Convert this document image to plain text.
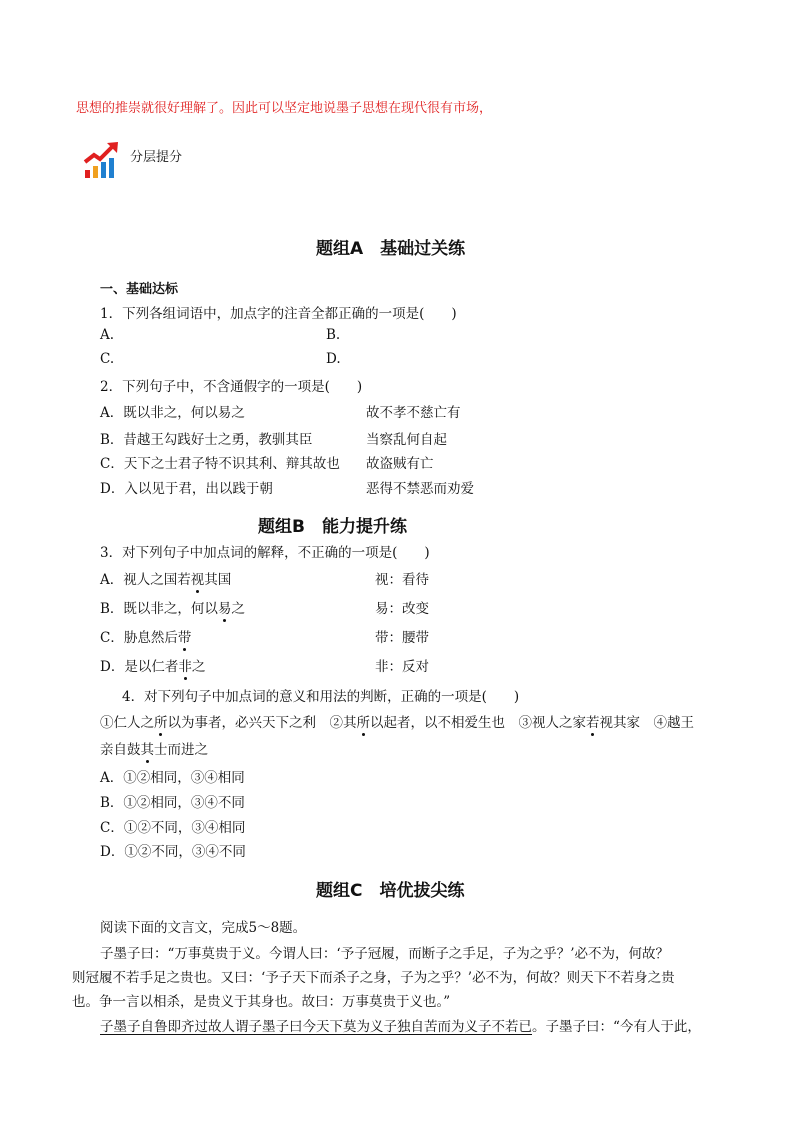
思想的推崇就很好理解了。因此可以坚定地说墨子思想在现代很有市场，
分层提分
题组A　基础过关练
一、基础达标
1．下列各组词语中，加点字的注音全都正确的一项是(　　)
A.	B.
C.	D.
2．下列句子中，不含通假字的一项是(　　)
A．既以非之，何以易之	故不孝不慈亡有
B．昔越王勾践好士之勇，教驯其臣	当察乱何自起
C．天下之士君子特不识其利、辩其故也 故盗贼有亡
D．入以见于君，出以践于朝	恶得不禁恶而劝爱
题组B　能力提升练
3．对下列句子中加点词的解释，不正确的一项是(　　)
A．视人之国若视其国	视：看待
B．既以非之，何以易之	易：改变
C．胁息然后带	带：腰带
D．是以仁者非之	非：反对
4．对下列句子中加点词的意义和用法的判断，正确的一项是(　　)
①仁人之所以为事者，必兴天下之利　 ②其所以起者，以不相爱生也　 ③视人之家若视其家　 ④越王
亲自鼓其士而进之
A．①②相同，③④相同
B．①②相同，③④不同
C．①②不同，③④相同
D．①②不同，③④不同
题组C　培优拔尖练
阅读下面的文言文，完成5～8题。
子墨子曰：“万事莫贵于义。今谓人曰：‘予子冠履，而断子之手足，子为之乎？’必不为，何故？
则冠履不若手足之贵也。又曰：‘予子天下而杀子之身，子为之乎？’必不为，何故？则天下不若身之贵
也。争一言以相杀，是贵义于其身也。故曰：万事莫贵于义也。”
子墨子自鲁即齐过故人谓子墨子曰今天下莫为义子独自苦而为义子不若已。子墨子曰：“今有人于此，
